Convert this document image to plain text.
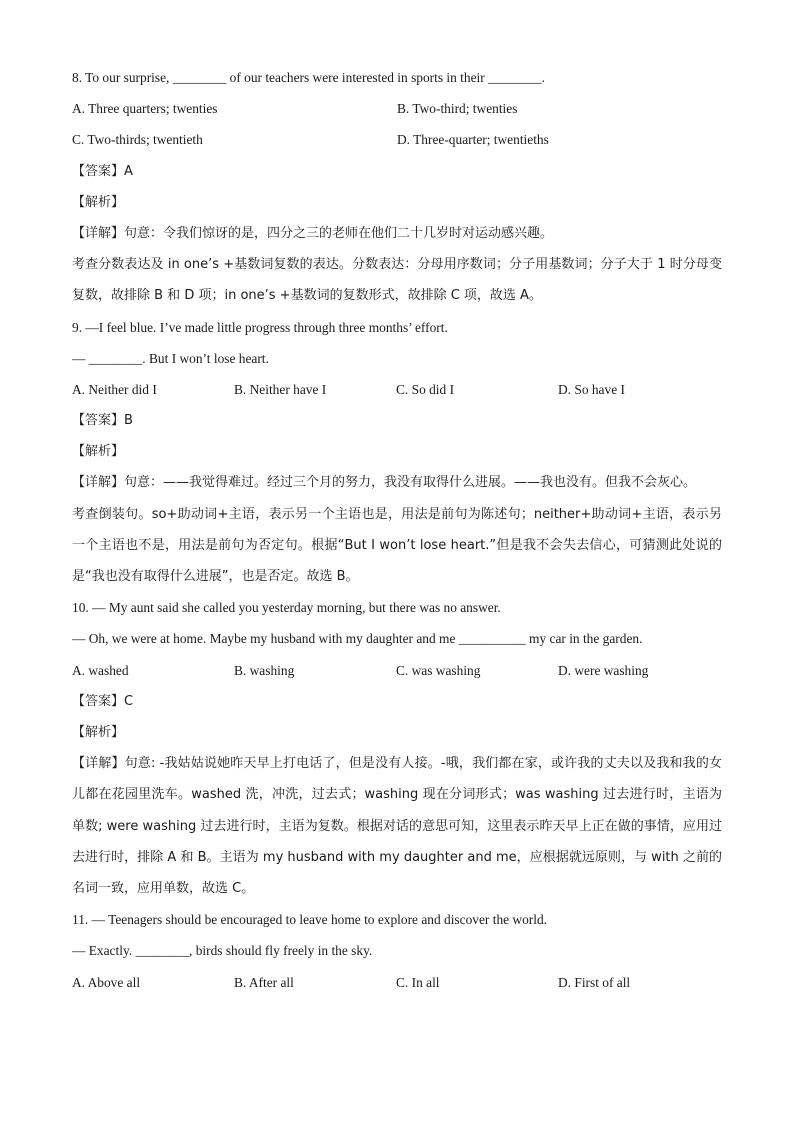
8. To our surprise, ________ of our teachers were interested in sports in their ________.
A. Three quarters; twenties	B. Two-third; twenties
C. Two-thirds; twentieth	D. Three-quarter; twentieths
【答案】A
【解析】

【详解】句意：令我们惊讶的是，四分之三的老师在他们二十几岁时对运动感兴趣。

考查分数表达及 in one’s +基数词复数的表达。分数表达：分母用序数词；分子用基数词；分子大于 1 时分母变复数，故排除 B 和 D 项；in one’s +基数词的复数形式，故排除 C 项，故选 A。

9. —I feel blue. I’ve made little progress through three months’ effort.
— ________. But I won’t lose heart.
A. Neither did I	B. Neither have I	C. So did I	D. So have I
【答案】B
【解析】

【详解】句意：——我觉得难过。经过三个月的努力，我没有取得什么进展。——我也没有。但我不会灰心。

考查倒装句。so+助动词+主语，表示另一个主语也是，用法是前句为陈述句；neither+助动词+主语，表示另一个主语也不是，用法是前句为否定句。根据“But I won’t lose heart.”但是我不会失去信心，可猜测此处说的是“我也没有取得什么进展”，也是否定。故选 B。

10. — My aunt said she called you yesterday morning, but there was no answer.
— Oh, we were at home. Maybe my husband with my daughter and me __________ my car in the garden.
A. washed	B. washing	C. was washing	D. were washing
【答案】C
【解析】

【详解】句意: -我姑姑说她昨天早上打电话了，但是没有人接。-哦，我们都在家，或许我的丈夫以及我和我的女儿都在花园里洗车。washed 洗，冲洗，过去式；washing 现在分词形式；was washing 过去进行时，主语为单数; were washing 过去进行时，主语为复数。根据对话的意思可知，这里表示昨天早上正在做的事情，应用过去进行时，排除 A 和 B。主语为 my husband with my daughter and me，应根据就远原则，与 with 之前的名词一致，应用单数，故选 C。

11. — Teenagers should be encouraged to leave home to explore and discover the world.
— Exactly. ________, birds should fly freely in the sky.
A. Above all	B. After all	C. In all	D. First of all
